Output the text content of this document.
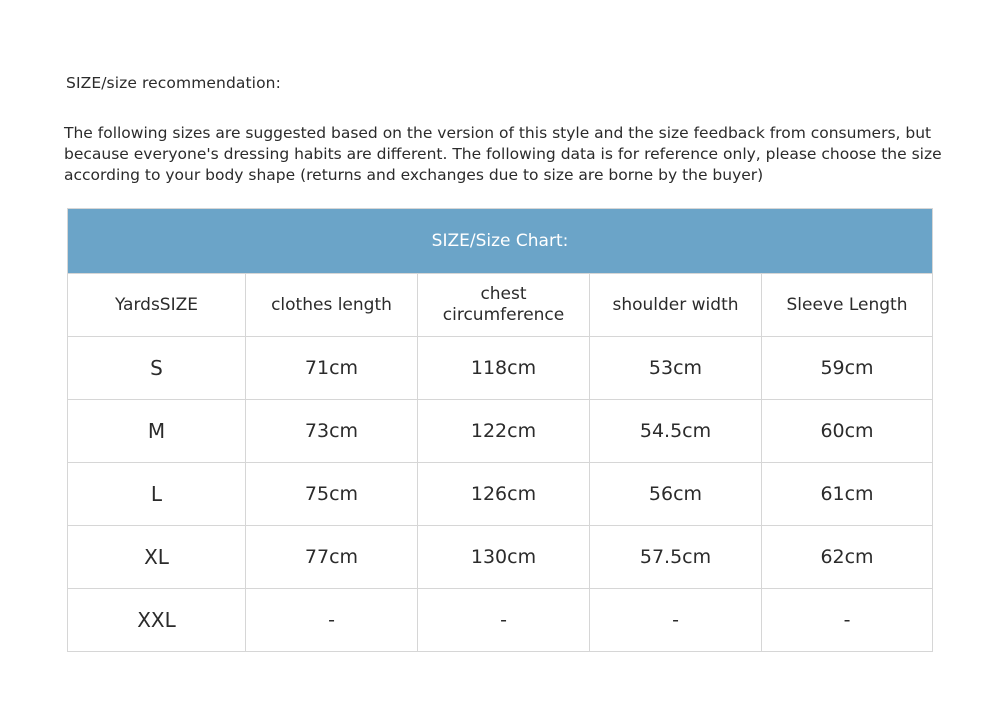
SIZE/size recommendation:

The following sizes are suggested based on the version of this style and the size feedback from consumers, but because everyone's dressing habits are different. The following data is for reference only, please choose the size according to your body shape (returns and exchanges due to size are borne by the buyer)

SIZE/Size Chart:				
YardsSIZE	clothes length	chest circumference	shoulder width	Sleeve Length
S	71cm	118cm	53cm	59cm
M	73cm	122cm	54.5cm	60cm
L	75cm	126cm	56cm	61cm
XL	77cm	130cm	57.5cm	62cm
XXL	-	-	-	-
